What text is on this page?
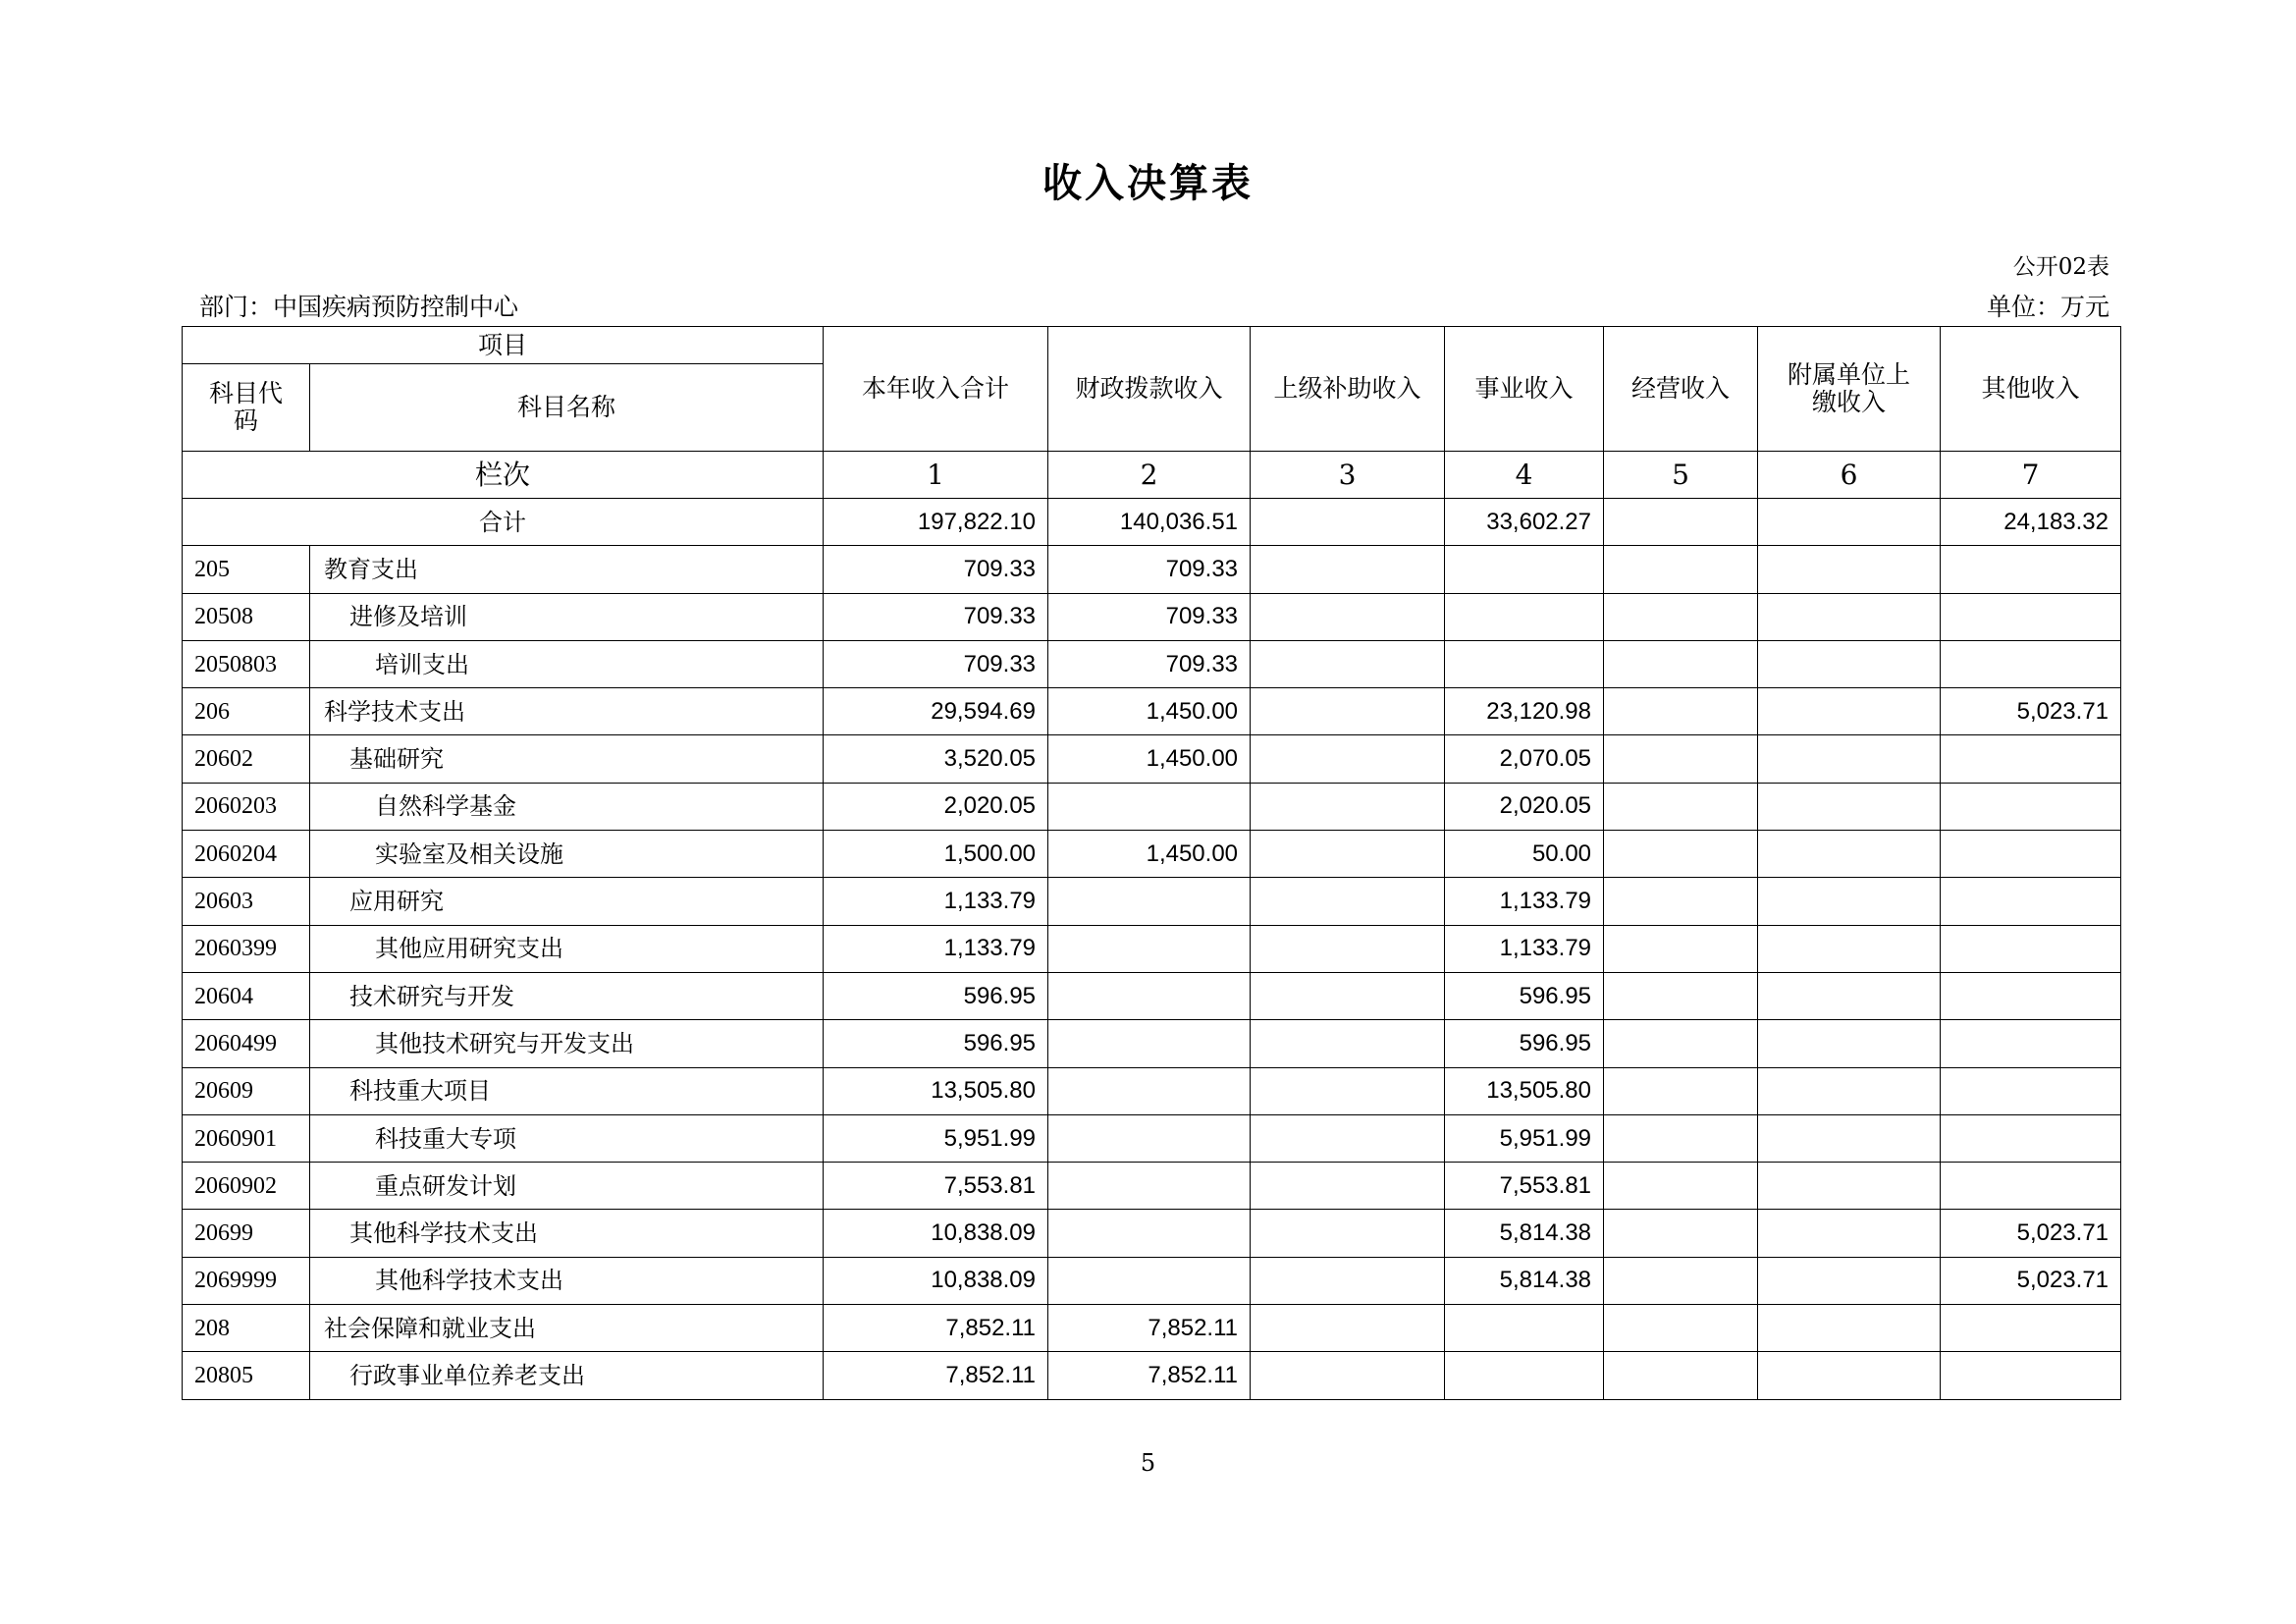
收入决算表
公开02表
部门：中国疾病预防控制中心	单位：万元
项目		本年收入合计	财政拨款收入	上级补助收入	事业收入	经营收入	附属单位上缴收入	其他收入
科目代码	科目名称							
栏次		1	2	3	4	5	6	7
合计		197,822.10	140,036.51		33,602.27			24,183.32
205	教育支出	709.33	709.33					
20508	进修及培训	709.33	709.33					
2050803	培训支出	709.33	709.33					
206	科学技术支出	29,594.69	1,450.00		23,120.98			5,023.71
20602	基础研究	3,520.05	1,450.00		2,070.05			
2060203	自然科学基金	2,020.05			2,020.05			
2060204	实验室及相关设施	1,500.00	1,450.00		50.00			
20603	应用研究	1,133.79			1,133.79			
2060399	其他应用研究支出	1,133.79			1,133.79			
20604	技术研究与开发	596.95			596.95			
2060499	其他技术研究与开发支出	596.95			596.95			
20609	科技重大项目	13,505.80			13,505.80			
2060901	科技重大专项	5,951.99			5,951.99			
2060902	重点研发计划	7,553.81			7,553.81			
20699	其他科学技术支出	10,838.09			5,814.38			5,023.71
2069999	其他科学技术支出	10,838.09			5,814.38			5,023.71
208	社会保障和就业支出	7,852.11	7,852.11					
20805	行政事业单位养老支出	7,852.11	7,852.11					
5
